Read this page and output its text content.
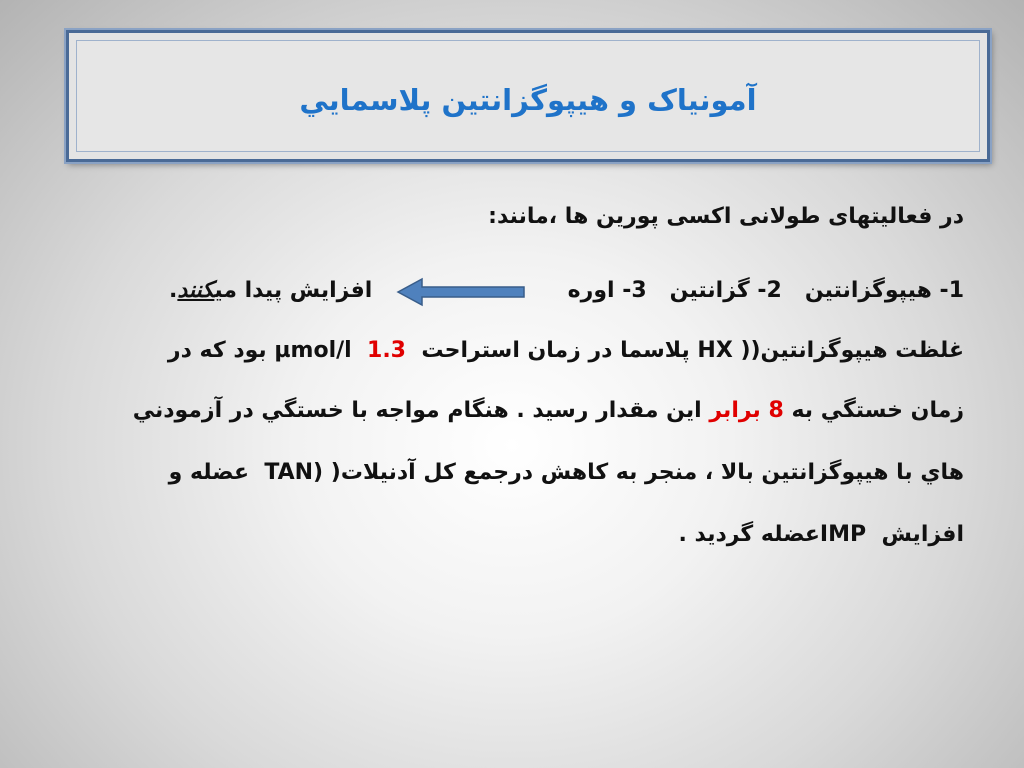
آمونياک و هيپوگزانتين پلاسمايي
در فعالیتهای طولانی اکسی پورین ها ،مانند:
1- هیپوگزانتین   2- گزانتین   3- اوره  افزایش پیدا میکنند.
غلظت هيپوگزانتين(HX ) پلاسما در زمان استراحت  1.3  µmol/l بود که در
زمان خستگي به 8 برابر این مقدار رسيد . هنگام مواجه با خستگي در آزمودني
هاي با هيپوگزانتين بالا ، منجر به کاهش درجمع کل آدنيلات( TAN)  عضله و
افزايش  IMPعضله گرديد .
